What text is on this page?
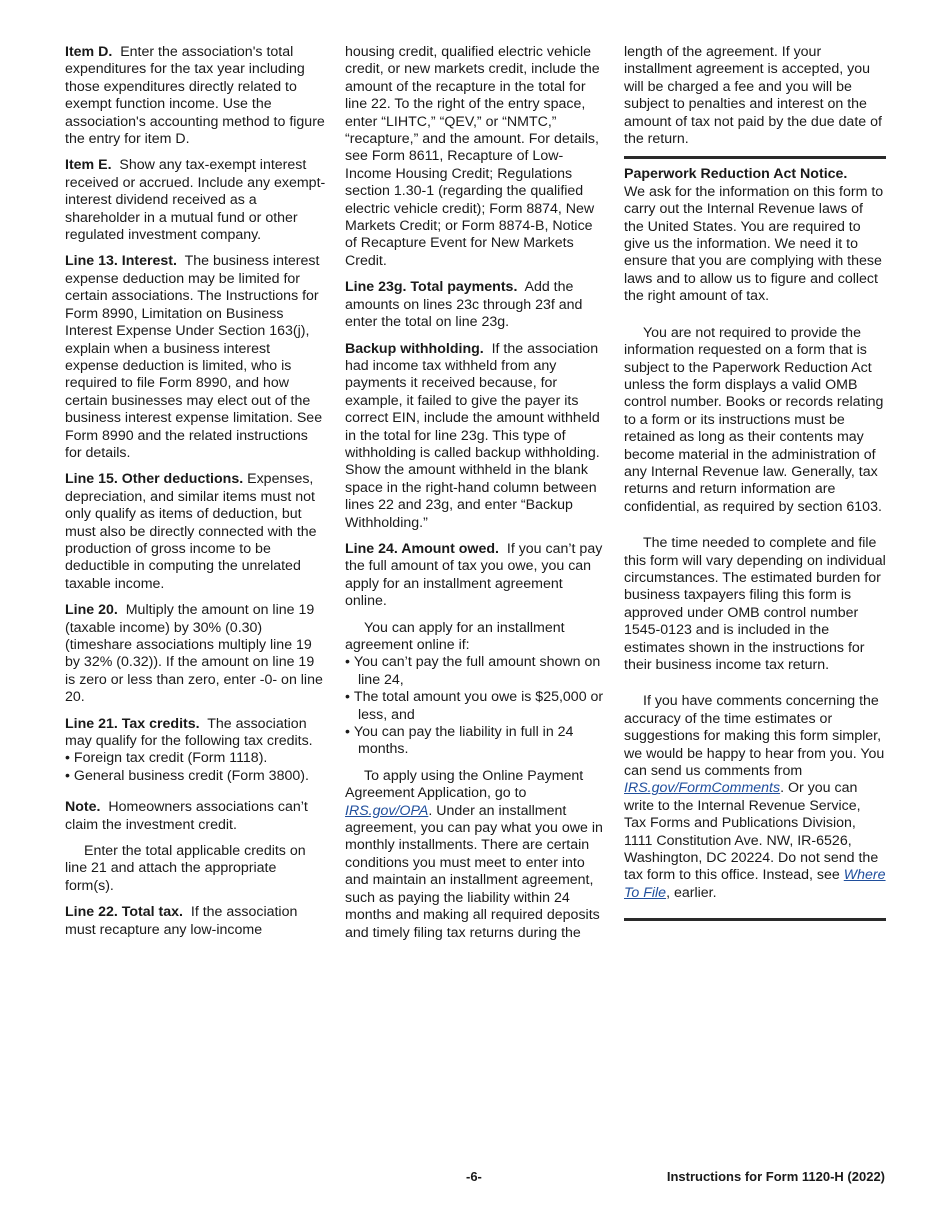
Item D. Enter the association's total expenditures for the tax year including those expenditures directly related to exempt function income. Use the association's accounting method to figure the entry for item D.

Item E. Show any tax-exempt interest received or accrued. Include any exempt-interest dividend received as a shareholder in a mutual fund or other regulated investment company.

Line 13. Interest. The business interest expense deduction may be limited for certain associations. The Instructions for Form 8990, Limitation on Business Interest Expense Under Section 163(j), explain when a business interest expense deduction is limited, who is required to file Form 8990, and how certain businesses may elect out of the business interest expense limitation. See Form 8990 and the related instructions for details.

Line 15. Other deductions. Expenses, depreciation, and similar items must not only qualify as items of deduction, but must also be directly connected with the production of gross income to be deductible in computing the unrelated taxable income.

Line 20. Multiply the amount on line 19 (taxable income) by 30% (0.30) (timeshare associations multiply line 19 by 32% (0.32)). If the amount on line 19 is zero or less than zero, enter -0- on line 20.

Line 21. Tax credits. The association may qualify for the following tax credits.

• Foreign tax credit (Form 1118).

• General business credit (Form 3800).

Note. Homeowners associations can’t claim the investment credit.

Enter the total applicable credits on line 21 and attach the appropriate form(s).

Line 22. Total tax. If the association must recapture any low-income

housing credit, qualified electric vehicle credit, or new markets credit, include the amount of the recapture in the total for line 22. To the right of the entry space, enter “LIHTC,” “QEV,” or “NMTC,” “recapture,” and the amount. For details, see Form 8611, Recapture of Low-Income Housing Credit; Regulations section 1.30-1 (regarding the qualified electric vehicle credit); Form 8874, New Markets Credit; or Form 8874-B, Notice of Recapture Event for New Markets Credit.

Line 23g. Total payments. Add the amounts on lines 23c through 23f and enter the total on line 23g.

Backup withholding. If the association had income tax withheld from any payments it received because, for example, it failed to give the payer its correct EIN, include the amount withheld in the total for line 23g. This type of withholding is called backup withholding. Show the amount withheld in the blank space in the right-hand column between lines 22 and 23g, and enter “Backup Withholding.”

Line 24. Amount owed. If you can’t pay the full amount of tax you owe, you can apply for an installment agreement online.

You can apply for an installment agreement online if:

• You can’t pay the full amount shown on line 24,

• The total amount you owe is $25,000 or less, and

• You can pay the liability in full in 24 months.

To apply using the Online Payment Agreement Application, go to IRS.gov/OPA. Under an installment agreement, you can pay what you owe in monthly installments. There are certain conditions you must meet to enter into and maintain an installment agreement, such as paying the liability within 24 months and making all required deposits and timely filing tax returns during the

length of the agreement. If your installment agreement is accepted, you will be charged a fee and you will be subject to penalties and interest on the amount of tax not paid by the due date of the return.

Paperwork Reduction Act Notice.
We ask for the information on this form to carry out the Internal Revenue laws of the United States. You are required to give us the information. We need it to ensure that you are complying with these laws and to allow us to figure and collect the right amount of tax.

You are not required to provide the information requested on a form that is subject to the Paperwork Reduction Act unless the form displays a valid OMB control number. Books or records relating to a form or its instructions must be retained as long as their contents may become material in the administration of any Internal Revenue law. Generally, tax returns and return information are confidential, as required by section 6103.

The time needed to complete and file this form will vary depending on individual circumstances. The estimated burden for business taxpayers filing this form is approved under OMB control number 1545-0123 and is included in the estimates shown in the instructions for their business income tax return.

If you have comments concerning the accuracy of the time estimates or suggestions for making this form simpler, we would be happy to hear from you. You can send us comments from IRS.gov/FormComments. Or you can write to the Internal Revenue Service, Tax Forms and Publications Division, 1111 Constitution Ave. NW, IR-6526, Washington, DC 20224. Do not send the tax form to this office. Instead, see Where To File, earlier.

-6-	Instructions for Form 1120-H (2022)
